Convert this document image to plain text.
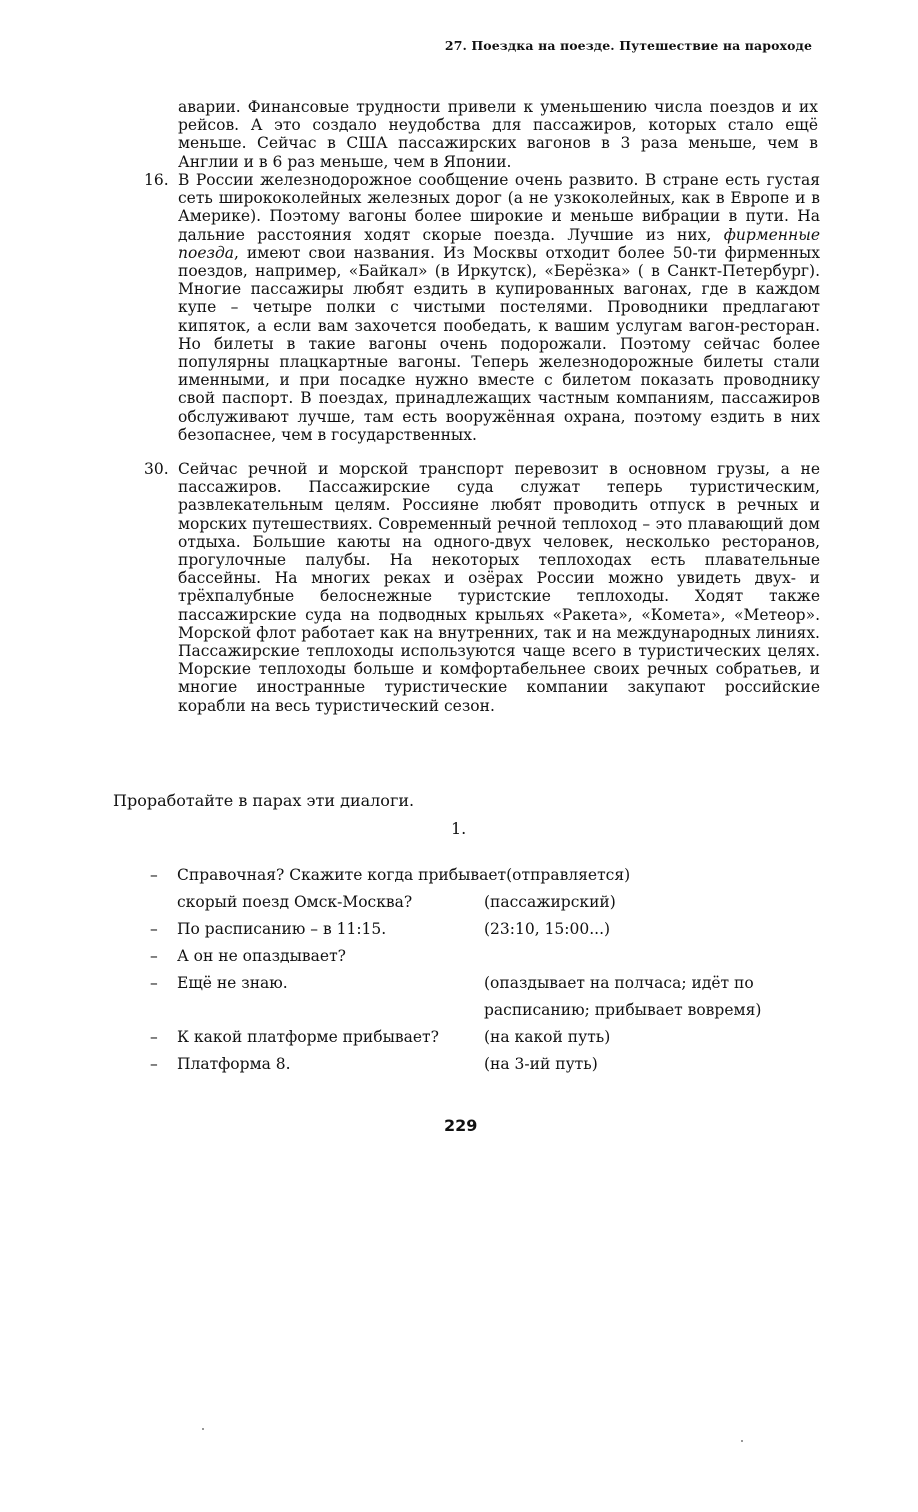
27. Поездка на поезде. Путешествие на пароходе
аварии. Финансовые трудности привели к уменьшению числа поездов и их рейсов. А это создало неудобства для пассажиров, которых стало ещё меньше. Сейчас в США пассажирских вагонов в 3 раза меньше, чем в Англии и в 6 раз меньше, чем в Японии.
16. В России железнодорожное сообщение очень развито. В стране есть густая сеть ширококолейных железных дорог (а не узкоколейных, как в Европе и в Америке). Поэтому вагоны более широкие и меньше вибрации в пути. На дальние расстояния ходят скорые поезда. Лучшие из них, фирменные поезда, имеют свои названия. Из Москвы отходит более 50-ти фирменных поездов, например, «Байкал» (в Иркутск), «Берёзка» ( в Санкт-Петербург). Многие пассажиры любят ездить в купированных вагонах, где в каждом купе – четыре полки с чистыми постелями. Проводники предлагают кипяток, а если вам захочется пообедать, к вашим услугам вагон-ресторан. Но билеты в такие вагоны очень подорожали. Поэтому сейчас более популярны плацкартные вагоны. Теперь железнодорожные билеты стали именными, и при посадке нужно вместе с билетом показать проводнику свой паспорт. В поездах, принадлежащих частным компаниям, пассажиров обслуживают лучше, там есть вооружённая охрана, поэтому ездить в них безопаснее, чем в государственных.
30. Сейчас речной и морской транспорт перевозит в основном грузы, а не пассажиров. Пассажирские суда служат теперь туристическим, развлекательным целям. Россияне любят проводить отпуск в речных и морских путешествиях. Современный речной теплоход – это плавающий дом отдыха. Большие каюты на одного-двух человек, несколько ресторанов, прогулочные палубы. На некоторых теплоходах есть плавательные бассейны. На многих реках и озёрах России можно увидеть двух- и трёхпалубные белоснежные туристские теплоходы. Ходят также пассажирские суда на подводных крыльях «Ракета», «Комета», «Метеор». Морской флот работает как на внутренних, так и на международных линиях. Пассажирские теплоходы используются чаще всего в туристических целях. Морские теплоходы больше и комфортабельнее своих речных собратьев, и многие иностранные туристические компании закупают российские корабли на весь туристический сезон.
Проработайте в парах эти диалоги.
1.
– Справочная? Скажите когда прибывает(отправляется)
скорый поезд Омск-Москва?	(пассажирский)
– По расписанию – в 11:15.	(23:10, 15:00...)
– А он не опаздывает?
– Ещё не знаю.	(опаздывает на полчаса; идёт по
расписанию; прибывает вовремя)
– К какой платформе прибывает?	(на какой путь)
– Платформа 8.	(на 3-ий путь)
229
